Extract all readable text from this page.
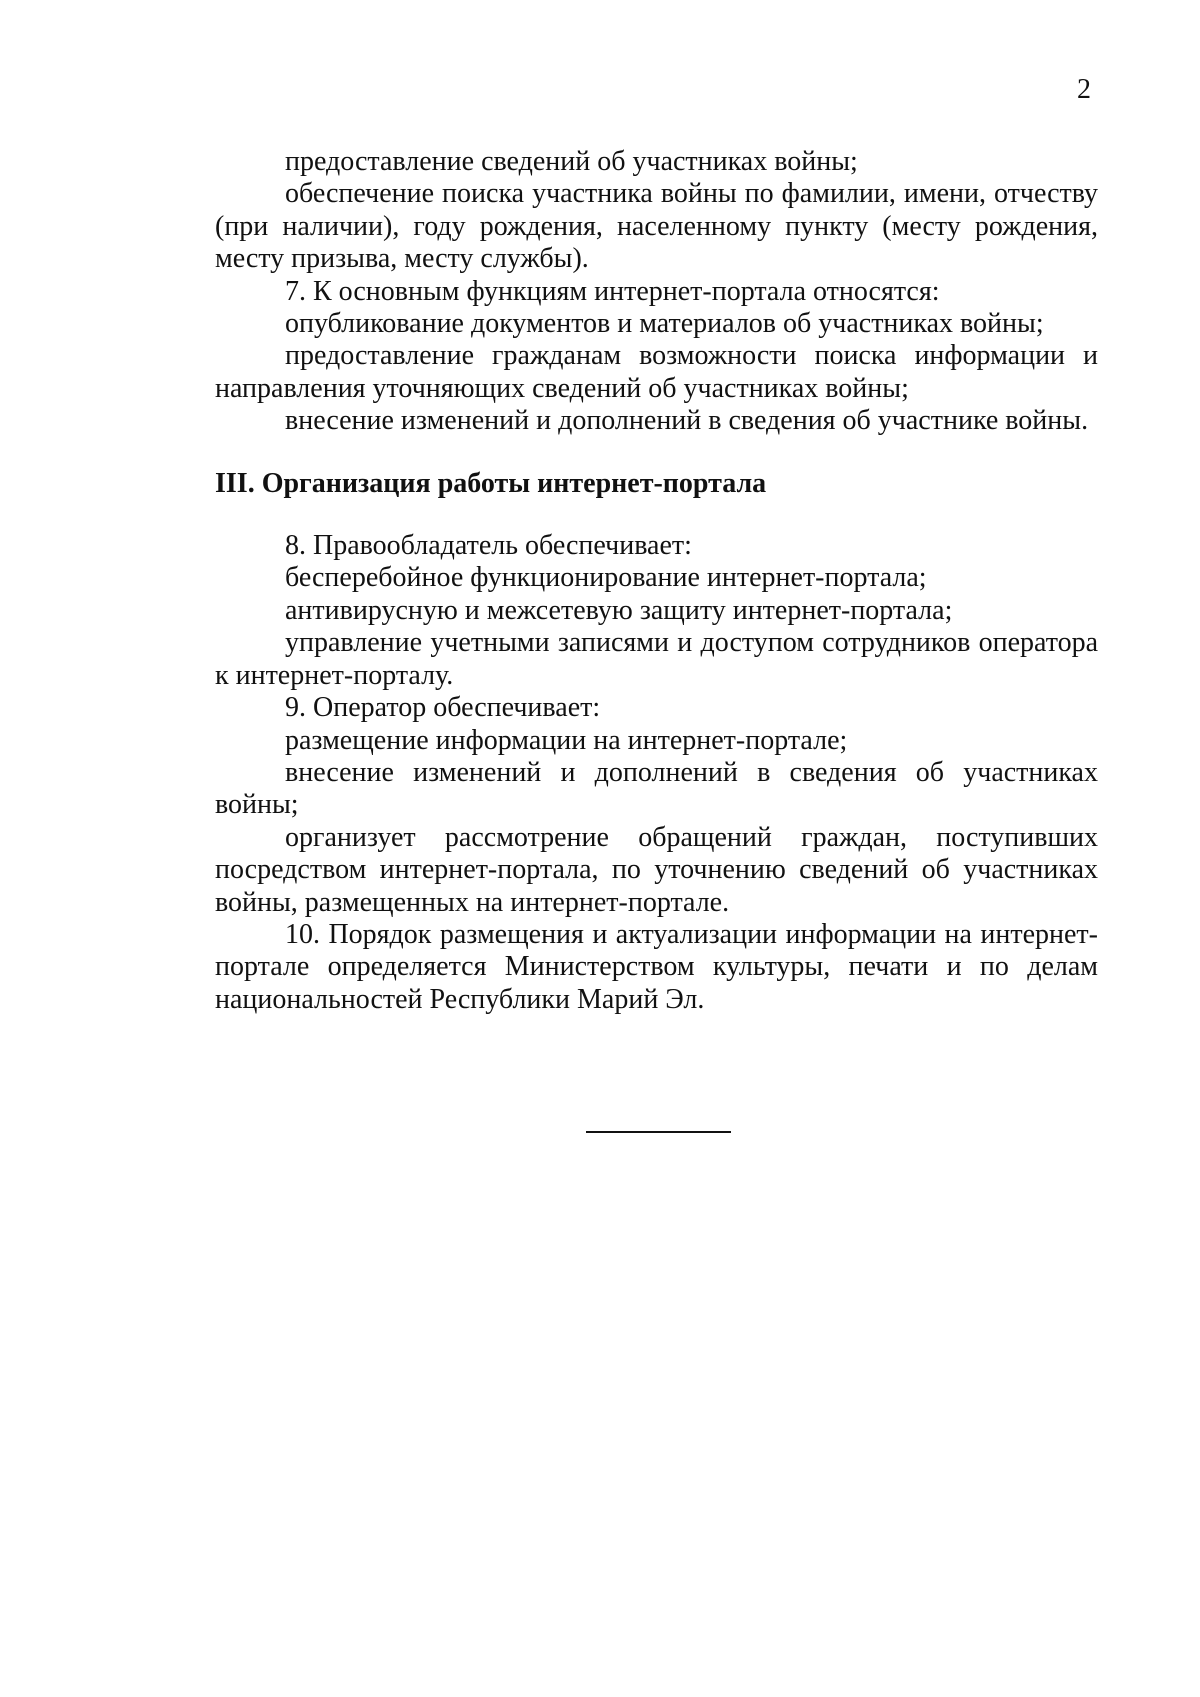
2

предоставление сведений об участниках войны;

обеспечение поиска участника войны по фамилии, имени, отчеству (при наличии), году рождения, населенному пункту (месту рождения, месту призыва, месту службы).

7. К основным функциям интернет-портала относятся:

опубликование документов и материалов об участниках войны;

предоставление гражданам возможности поиска информации и направления уточняющих сведений об участниках войны;

внесение изменений и дополнений в сведения об участнике войны.

III. Организация работы интернет-портала

8. Правообладатель обеспечивает:

бесперебойное функционирование интернет-портала;

антивирусную и межсетевую защиту интернет-портала;

управление учетными записями и доступом сотрудников оператора к интернет-порталу.

9. Оператор обеспечивает:

размещение информации на интернет-портале;

внесение изменений и дополнений в сведения об участниках войны;

организует рассмотрение обращений граждан, поступивших посредством интернет-портала, по уточнению сведений об участниках войны, размещенных на интернет-портале.

10. Порядок размещения и актуализации информации на интернет-портале определяется Министерством культуры, печати и по делам национальностей Республики Марий Эл.
